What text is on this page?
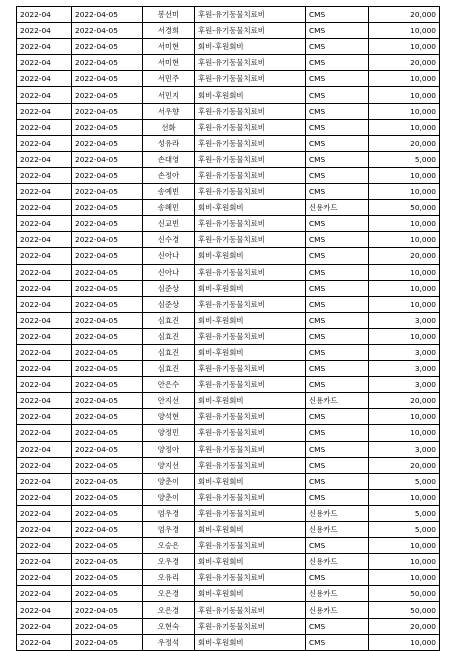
2022-04	2022-04-05	봉선미	후원-유기동물치료비	CMS	20,000
2022-04	2022-04-05	서경희	후원-유기동물치료비	CMS	10,000
2022-04	2022-04-05	서미현	회비-후원회비	CMS	10,000
2022-04	2022-04-05	서미현	후원-유기동물치료비	CMS	20,000
2022-04	2022-04-05	서민주	후원-유기동물치료비	CMS	10,000
2022-04	2022-04-05	서민지	회비-후원회비	CMS	10,000
2022-04	2022-04-05	서우향	후원-유기동물치료비	CMS	10,000
2022-04	2022-04-05	선화	후원-유기동물치료비	CMS	10,000
2022-04	2022-04-05	성유라	후원-유기동물치료비	CMS	20,000
2022-04	2022-04-05	손대영	후원-유기동물치료비	CMS	5,000
2022-04	2022-04-05	손정아	후원-유기동물치료비	CMS	10,000
2022-04	2022-04-05	송예빈	후원-유기동물치료비	CMS	10,000
2022-04	2022-04-05	송혜민	회비-후원회비	신용카드	50,000
2022-04	2022-04-05	신교빈	후원-유기동물치료비	CMS	10,000
2022-04	2022-04-05	신수경	후원-유기동물치료비	CMS	10,000
2022-04	2022-04-05	신아나	회비-후원회비	CMS	20,000
2022-04	2022-04-05	신아나	후원-유기동물치료비	CMS	10,000
2022-04	2022-04-05	심준상	회비-후원회비	CMS	10,000
2022-04	2022-04-05	심준상	후원-유기동물치료비	CMS	10,000
2022-04	2022-04-05	심효진	회비-후원회비	CMS	3,000
2022-04	2022-04-05	심효진	후원-유기동물치료비	CMS	10,000
2022-04	2022-04-05	심효진	회비-후원회비	CMS	3,000
2022-04	2022-04-05	심효진	후원-유기동물치료비	CMS	3,000
2022-04	2022-04-05	안은수	후원-유기동물치료비	CMS	3,000
2022-04	2022-04-05	안지선	회비-후원회비	신용카드	20,000
2022-04	2022-04-05	양석현	후원-유기동물치료비	CMS	10,000
2022-04	2022-04-05	양정민	후원-유기동물치료비	CMS	10,000
2022-04	2022-04-05	양정아	후원-유기동물치료비	CMS	3,000
2022-04	2022-04-05	양지선	후원-유기동물치료비	CMS	20,000
2022-04	2022-04-05	양춘이	회비-후원회비	CMS	5,000
2022-04	2022-04-05	양춘이	후원-유기동물치료비	CMS	10,000
2022-04	2022-04-05	엄우경	후원-유기동물치료비	신용카드	5,000
2022-04	2022-04-05	엄우경	회비-후원회비	신용카드	5,000
2022-04	2022-04-05	오승은	후원-유기동물치료비	CMS	10,000
2022-04	2022-04-05	오우경	회비-후원회비	신용카드	10,000
2022-04	2022-04-05	오유리	후원-유기동물치료비	CMS	10,000
2022-04	2022-04-05	오은경	회비-후원회비	신용카드	50,000
2022-04	2022-04-05	오은경	후원-유기동물치료비	신용카드	50,000
2022-04	2022-04-05	오현숙	후원-유기동물치료비	CMS	20,000
2022-04	2022-04-05	우정석	회비-후원회비	CMS	10,000
